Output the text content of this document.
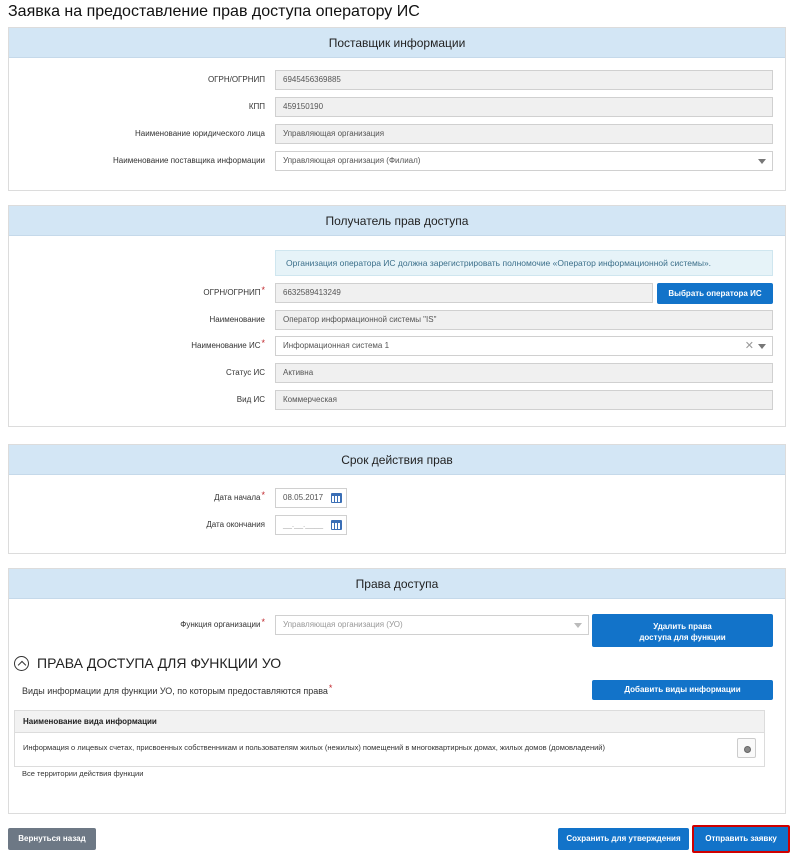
Заявка на предоставление прав доступа оператору ИС
Поставщик информации
ОГРН/ОГРНИП	6945456369885
КПП	459150190
Наименование юридического лица	Управляющая организация
Наименование поставщика информации	Управляющая организация (Филиал)
Получатель прав доступа
Организация оператора ИС должна зарегистрировать полномочие «Оператор информационной системы».
ОГРН/ОГРНИП*	6632589413249	Выбрать оператора ИС
Наименование	Оператор информационной системы "IS"
Наименование ИС*	Информационная система 1	✕
Статус ИС	Активна
Вид ИС	Коммерческая
Срок действия прав
Дата начала*	08.05.2017
Дата окончания	__.__.____
Права доступа
Функция организации*	Управляющая организация (УО)	Удалить права
доступа для функции
ПРАВА ДОСТУПА ДЛЯ ФУНКЦИИ УО
Виды информации для функции УО, по которым предоставляются права*	Добавить виды информации
Наименование вида информации
Информация о лицевых счетах, присвоенных собственникам и пользователям жилых (нежилых) помещений в многоквартирных домах, жилых домов (домовладений)
Все территории действия функции
Вернуться назад	Сохранить для утверждения	Отправить заявку
